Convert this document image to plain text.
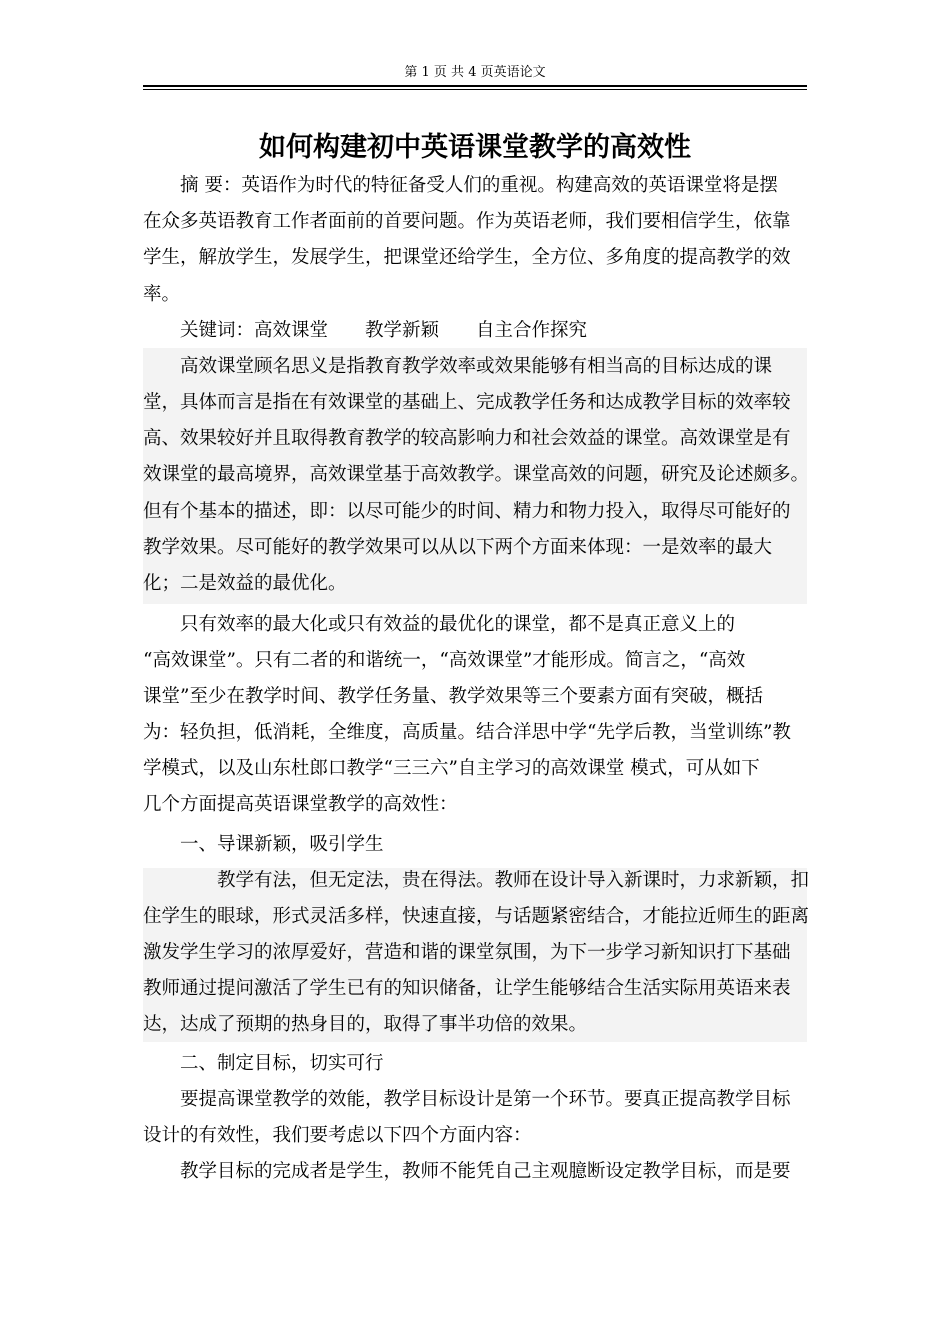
第 1 页 共 4 页英语论文
如何构建初中英语课堂教学的高效性
　　摘 要：英语作为时代的特征备受人们的重视。构建高效的英语课堂将是摆
在众多英语教育工作者面前的首要问题。作为英语老师，我们要相信学生，依靠
学生，解放学生，发展学生，把课堂还给学生，全方位、多角度的提高教学的效
率。
　　关键词：高效课堂　　教学新颖　　自主合作探究
　　高效课堂顾名思义是指教育教学效率或效果能够有相当高的目标达成的课
堂，具体而言是指在有效课堂的基础上、完成教学任务和达成教学目标的效率较
高、效果较好并且取得教育教学的较高影响力和社会效益的课堂。高效课堂是有
效课堂的最高境界，高效课堂基于高效教学。课堂高效的问题，研究及论述颇多。
但有个基本的描述，即：以尽可能少的时间、精力和物力投入，取得尽可能好的
教学效果。尽可能好的教学效果可以从以下两个方面来体现：一是效率的最大
化；二是效益的最优化。
　　只有效率的最大化或只有效益的最优化的课堂，都不是真正意义上的
“高效课堂”。只有二者的和谐统一，“高效课堂”才能形成。简言之，“高效
课堂”至少在教学时间、教学任务量、教学效果等三个要素方面有突破，概括
为：轻负担，低消耗，全维度，高质量。结合洋思中学“先学后教，当堂训练”教
学模式，以及山东杜郎口教学“三三六”自主学习的高效课堂 模式，可从如下
几个方面提高英语课堂教学的高效性：
　　一、导课新颖，吸引学生
　　　　教学有法，但无定法，贵在得法。教师在设计导入新课时，力求新颖，扣
住学生的眼球，形式灵活多样，快速直接，与话题紧密结合，才能拉近师生的距离
激发学生学习的浓厚爱好，营造和谐的课堂氛围，为下一步学习新知识打下基础
教师通过提问激活了学生已有的知识储备，让学生能够结合生活实际用英语来表
达，达成了预期的热身目的，取得了事半功倍的效果。
　　二、制定目标，切实可行
　　要提高课堂教学的效能，教学目标设计是第一个环节。要真正提高教学目标
设计的有效性，我们要考虑以下四个方面内容：
　　教学目标的完成者是学生，教师不能凭自己主观臆断设定教学目标，而是要
